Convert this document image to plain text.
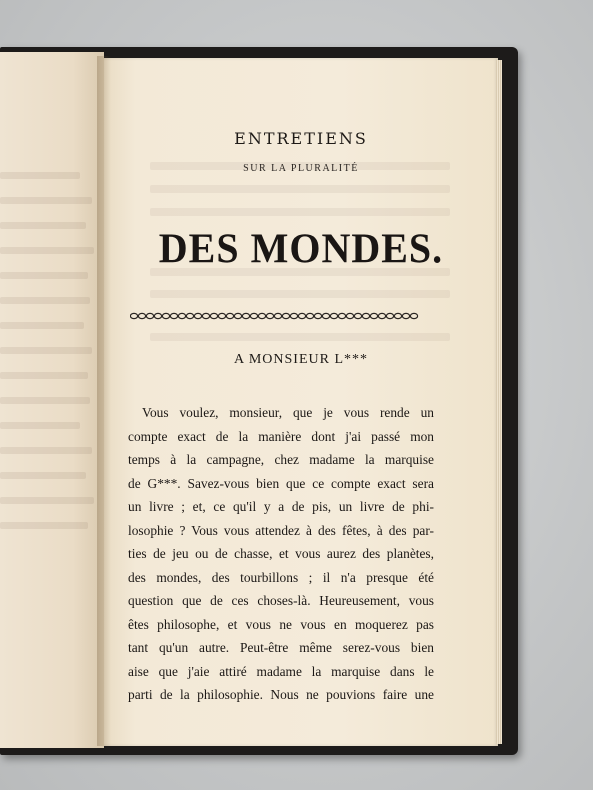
ENTRETIENS
SUR LA PLURALITÉ
DES MONDES.
A MONSIEUR L***
Vous voulez, monsieur, que je vous rende un
compte exact de la manière dont j'ai passé mon
temps à la campagne, chez madame la marquise
de G***. Savez-vous bien que ce compte exact sera
un livre ; et, ce qu'il y a de pis, un livre de phi-
losophie ? Vous vous attendez à des fêtes, à des par-
ties de jeu ou de chasse, et vous aurez des planètes,
des mondes, des tourbillons ; il n'a presque été
question que de ces choses-là. Heureusement, vous
êtes philosophe, et vous ne vous en moquerez pas
tant qu'un autre. Peut-être même serez-vous bien
aise que j'aie attiré madame la marquise dans le
parti de la philosophie. Nous ne pouvions faire une
